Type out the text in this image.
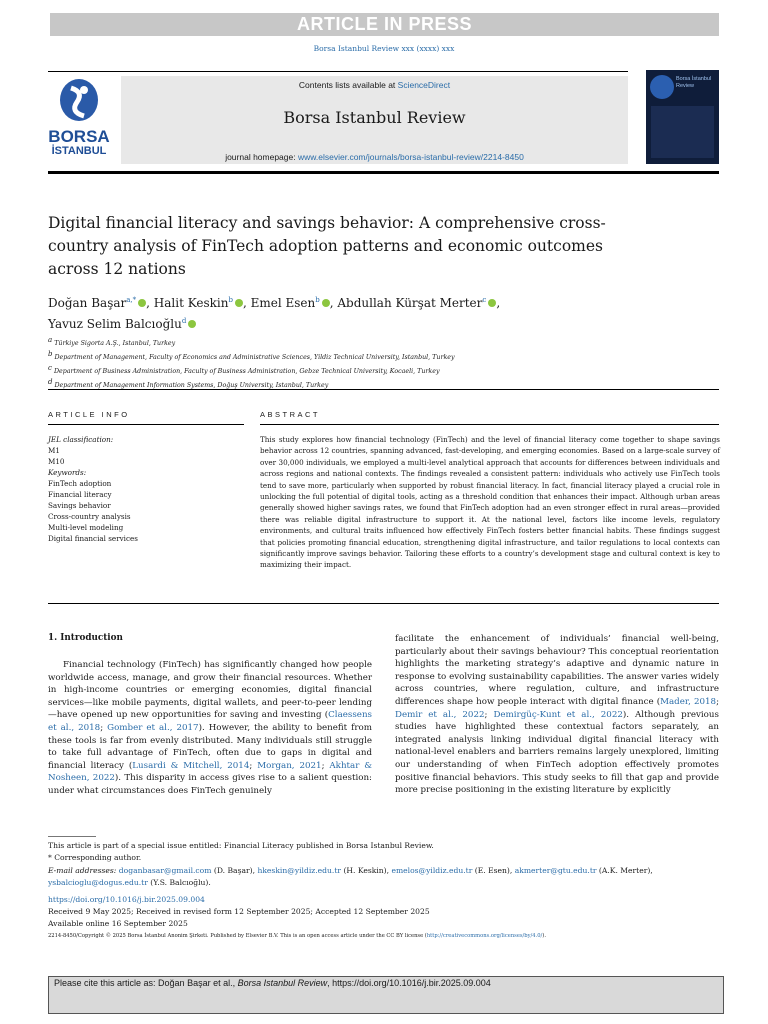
ARTICLE IN PRESS
Borsa Istanbul Review xxx (xxxx) xxx
BORSA
İSTANBUL
Contents lists available at ScienceDirect
Borsa Istanbul Review
journal homepage: www.elsevier.com/journals/borsa-istanbul-review/2214-8450
Borsa İstanbul
Review
Digital financial literacy and savings behavior: A comprehensive cross-country analysis of FinTech adoption patterns and economic outcomes across 12 nations
Doğan Başar$^{a,*}$ , Halit Keskin$^b$ , Emel Esen$^b$ , Abdullah Kürşat Merter$^c$ ,
Yavuz Selim Balcıoğlu$^d$
$^a$ Türkiye Sigorta A.Ş., Istanbul, Turkey
$^b$ Department of Management, Faculty of Economics and Administrative Sciences, Yildiz Technical University, Istanbul, Turkey
$^c$ Department of Business Administration, Faculty of Business Administration, Gebze Technical University, Kocaeli, Turkey
$^d$ Department of Management Information Systems, Doğuş University, Istanbul, Turkey
ARTICLE INFO	ABSTRACT
JEL classification:
M1
M10
Keywords:
FinTech adoption
Financial literacy
Savings behavior
Cross-country analysis
Multi-level modeling
Digital financial services
This study explores how financial technology (FinTech) and the level of financial literacy come together to shape savings behavior across 12 countries, spanning advanced, fast-developing, and emerging economies. Based on a large-scale survey of over 30,000 individuals, we employed a multi-level analytical approach that accounts for differences between individuals and across regions and national contexts. The findings revealed a consistent pattern: individuals who actively use FinTech tools tend to save more, particularly when supported by robust financial literacy. In fact, financial literacy played a crucial role in unlocking the full potential of digital tools, acting as a threshold condition that enhances their impact. Although urban areas generally showed higher savings rates, we found that FinTech adoption had an even stronger effect in rural areas—provided there was reliable digital infrastructure to support it. At the national level, factors like income levels, regulatory environments, and cultural traits influenced how effectively FinTech fosters better financial habits. These findings suggest that policies promoting financial education, strengthening digital infrastructure, and tailor regulations to local contexts can significantly improve savings behavior. Tailoring these efforts to a country’s development stage and cultural context is key to maximizing their impact.
1. Introduction
Financial technology (FinTech) has significantly changed how people worldwide access, manage, and grow their financial resources. Whether in high-income countries or emerging economies, digital financial services—like mobile payments, digital wallets, and peer-to-peer lending—have opened up new opportunities for saving and investing (Claessens et al., 2018; Gomber et al., 2017). However, the ability to benefit from these tools is far from evenly distributed. Many individuals still struggle to take full advantage of FinTech, often due to gaps in digital and financial literacy (Lusardi & Mitchell, 2014; Morgan, 2021; Akhtar & Nosheen, 2022). This disparity in access gives rise to a salient question: under what circumstances does FinTech genuinely
facilitate the enhancement of individuals’ financial well-being, particularly about their savings behaviour? This conceptual reorientation highlights the marketing strategy’s adaptive and dynamic nature in response to evolving sustainability capabilities. The answer varies widely across countries, where regulation, culture, and infrastructure differences shape how people interact with digital finance (Mader, 2018; Demir et al., 2022; Demirgüç-Kunt et al., 2022). Although previous studies have highlighted these contextual factors separately, an integrated analysis linking individual digital financial literacy with national-level enablers and barriers remains largely unexplored, limiting our understanding of when FinTech adoption effectively promotes positive financial behaviors. This study seeks to fill that gap and provide more precise positioning in the existing literature by explicitly
This article is part of a special issue entitled: Financial Literacy published in Borsa Istanbul Review.
* Corresponding author.
E-mail addresses: doganbasar@gmail.com (D. Başar), hkeskin@yildiz.edu.tr (H. Keskin), emelos@yildiz.edu.tr (E. Esen), akmerter@gtu.edu.tr (A.K. Merter), ysbalcioglu@dogus.edu.tr (Y.S. Balcıoğlu).
https://doi.org/10.1016/j.bir.2025.09.004
Received 9 May 2025; Received in revised form 12 September 2025; Accepted 12 September 2025
Available online 16 September 2025
2214-8450/Copyright © 2025 Borsa İstanbul Anonim Şirketi. Published by Elsevier B.V. This is an open access article under the CC BY license (http://creativecommons.org/licenses/by/4.0/).
Please cite this article as: Doğan Başar et al., Borsa Istanbul Review, https://doi.org/10.1016/j.bir.2025.09.004
